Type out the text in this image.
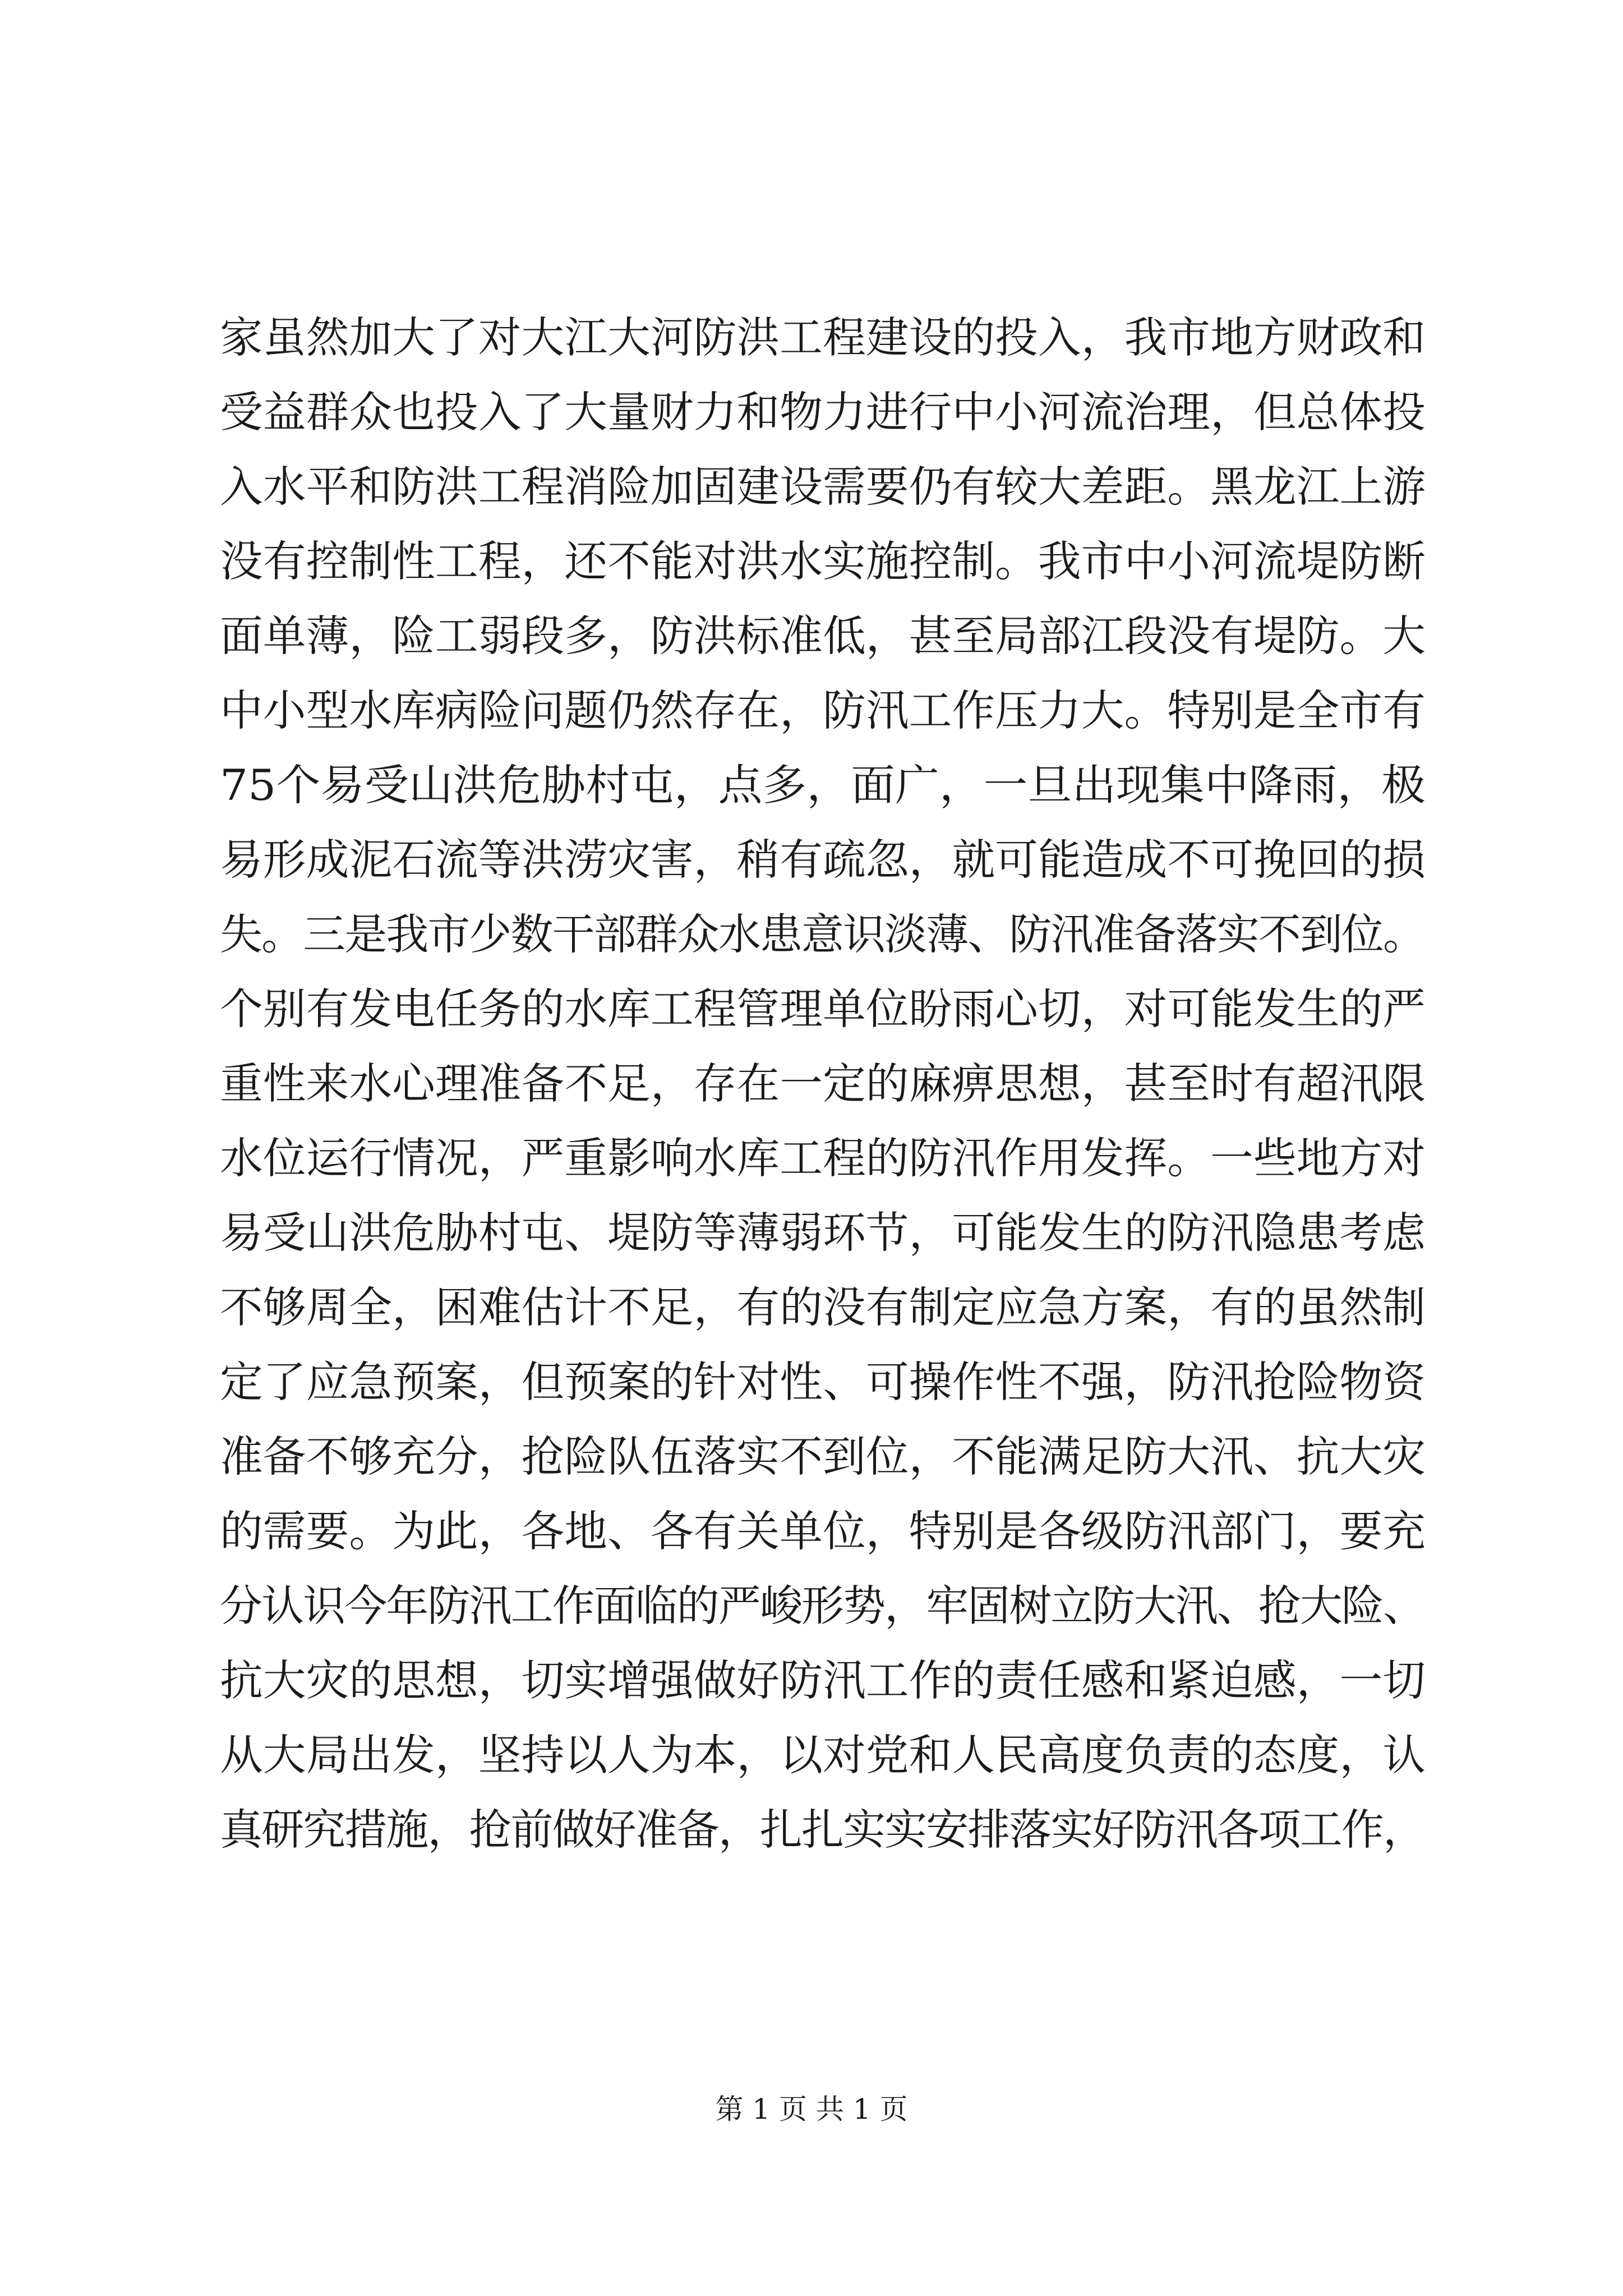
家虽然加大了对大江大河防洪工程建设的投入，我市地方财政和
受益群众也投入了大量财力和物力进行中小河流治理，但总体投
入水平和防洪工程消险加固建设需要仍有较大差距。黑龙江上游
没有控制性工程，还不能对洪水实施控制。我市中小河流堤防断
面单薄，险工弱段多，防洪标准低，甚至局部江段没有堤防。大
中小型水库病险问题仍然存在，防汛工作压力大。特别是全市有
75个易受山洪危胁村屯，点多，面广，一旦出现集中降雨，极
易形成泥石流等洪涝灾害，稍有疏忽，就可能造成不可挽回的损
失。三是我市少数干部群众水患意识淡薄、防汛准备落实不到位。
个别有发电任务的水库工程管理单位盼雨心切，对可能发生的严
重性来水心理准备不足，存在一定的麻痹思想，甚至时有超汛限
水位运行情况，严重影响水库工程的防汛作用发挥。一些地方对
易受山洪危胁村屯、堤防等薄弱环节，可能发生的防汛隐患考虑
不够周全，困难估计不足，有的没有制定应急方案，有的虽然制
定了应急预案，但预案的针对性、可操作性不强，防汛抢险物资
准备不够充分，抢险队伍落实不到位，不能满足防大汛、抗大灾
的需要。为此，各地、各有关单位，特别是各级防汛部门，要充
分认识今年防汛工作面临的严峻形势，牢固树立防大汛、抢大险、
抗大灾的思想，切实增强做好防汛工作的责任感和紧迫感，一切
从大局出发，坚持以人为本，以对党和人民高度负责的态度，认
真研究措施，抢前做好准备，扎扎实实安排落实好防汛各项工作，
第 1 页 共 1 页
